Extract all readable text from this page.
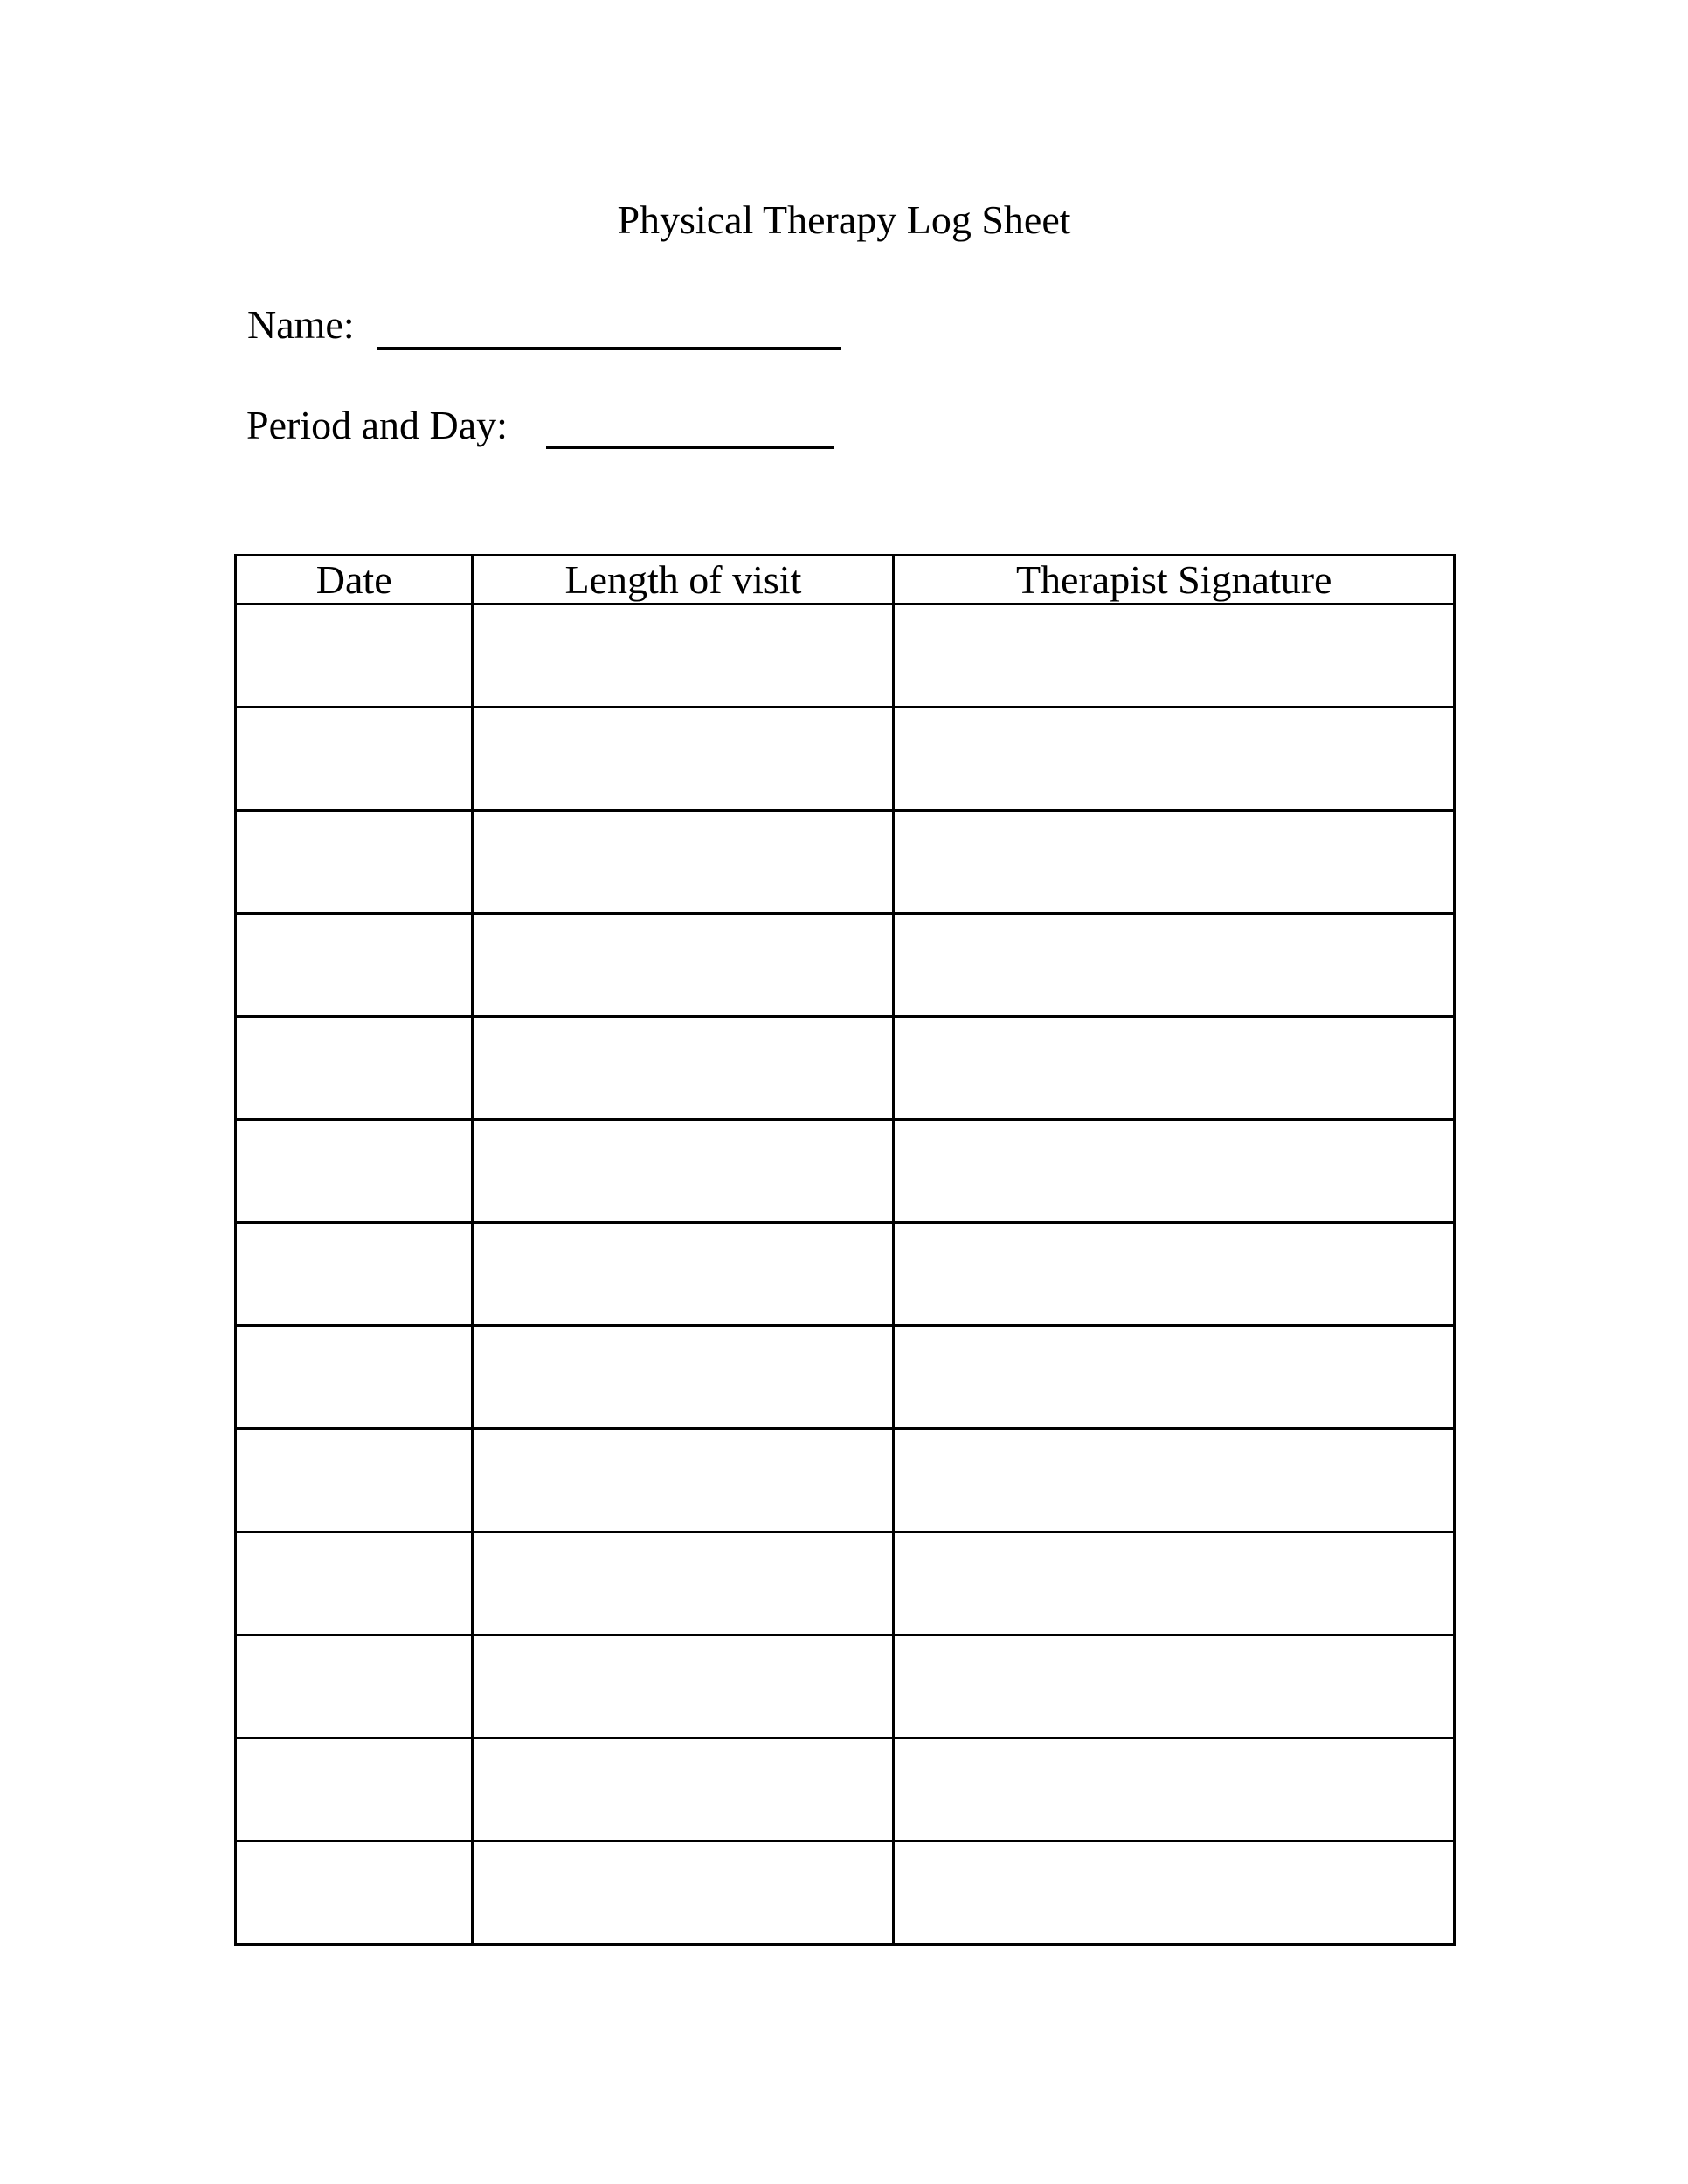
Physical Therapy Log Sheet
Name:
Period and Day:
Date	Length of visit	Therapist Signature
